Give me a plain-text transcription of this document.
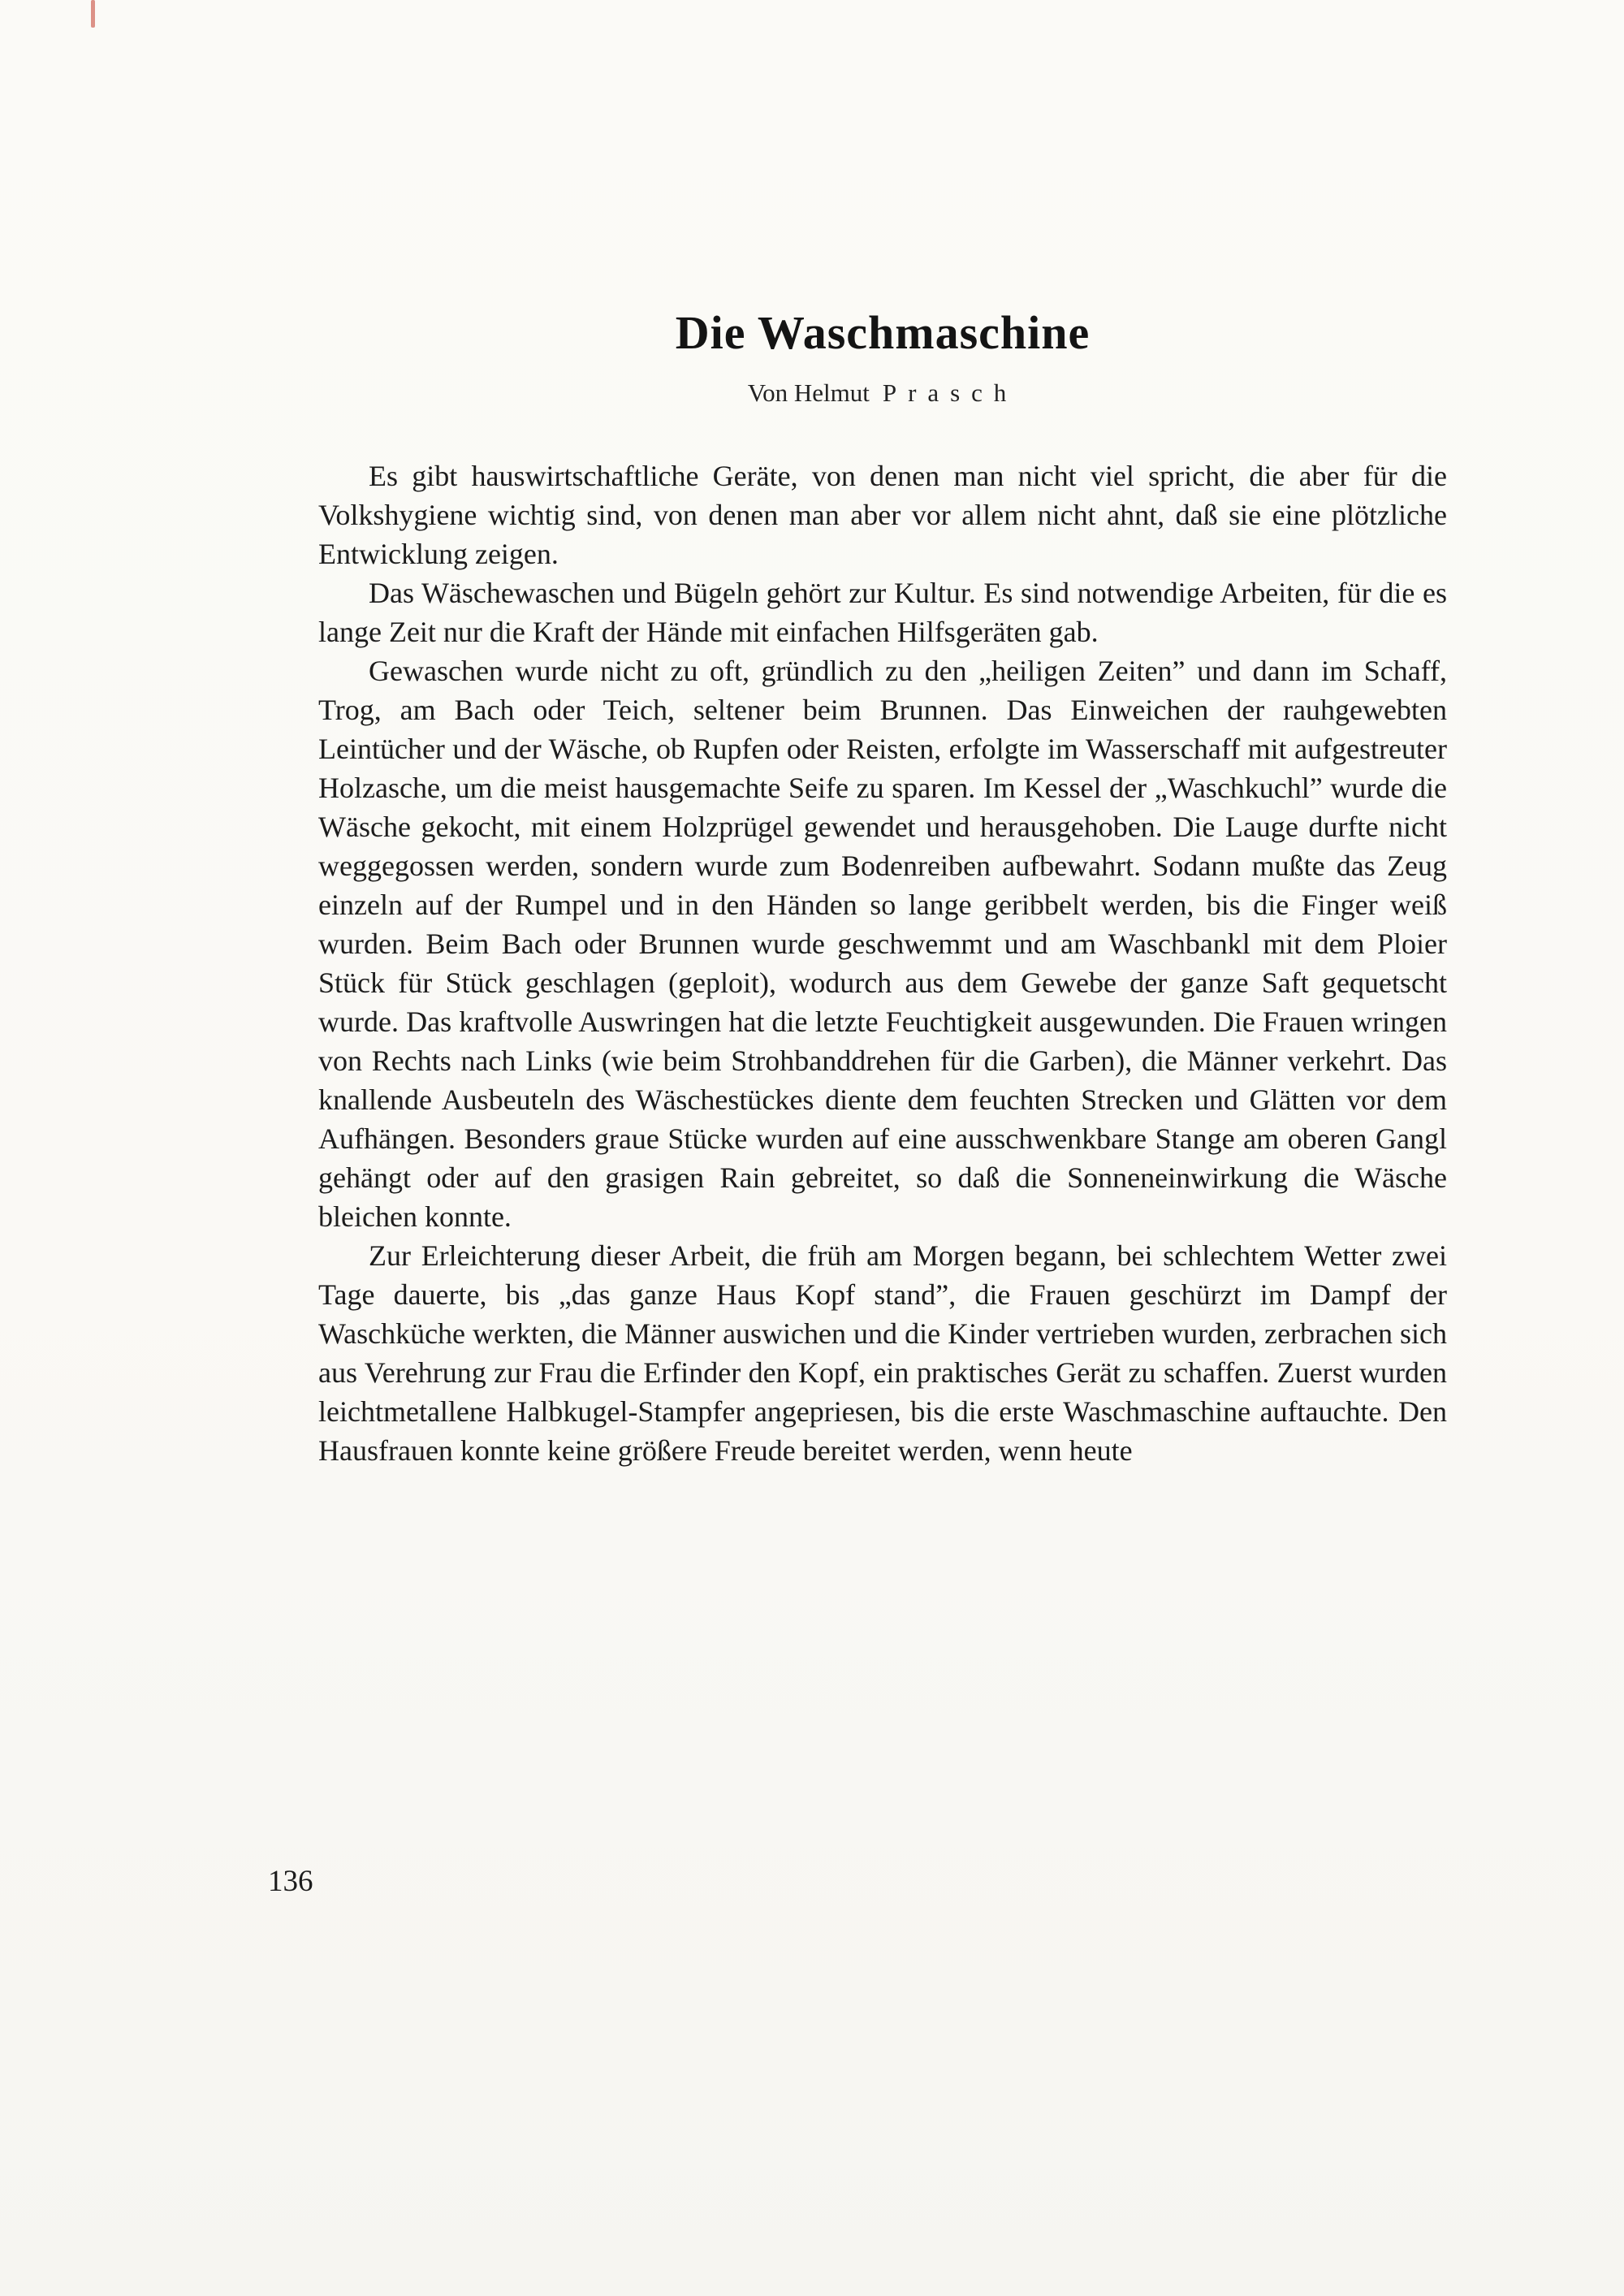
Die Waschmaschine
Von Helmut Prasch

Es gibt hauswirtschaftliche Geräte, von denen man nicht viel spricht, die aber für die Volkshygiene wichtig sind, von denen man aber vor allem nicht ahnt, daß sie eine plötzliche Entwicklung zeigen.

Das Wäschewaschen und Bügeln gehört zur Kultur. Es sind notwendige Arbeiten, für die es lange Zeit nur die Kraft der Hände mit einfachen Hilfsgeräten gab.

Gewaschen wurde nicht zu oft, gründlich zu den „heiligen Zeiten” und dann im Schaff, Trog, am Bach oder Teich, seltener beim Brunnen. Das Einweichen der rauhgewebten Leintücher und der Wäsche, ob Rupfen oder Reisten, erfolgte im Wasserschaff mit aufgestreuter Holzasche, um die meist hausgemachte Seife zu sparen. Im Kessel der „Waschkuchl” wurde die Wäsche gekocht, mit einem Holzprügel gewendet und herausgehoben. Die Lauge durfte nicht weggegossen werden, sondern wurde zum Bodenreiben aufbewahrt. Sodann mußte das Zeug einzeln auf der Rumpel und in den Händen so lange geribbelt werden, bis die Finger weiß wurden. Beim Bach oder Brunnen wurde geschwemmt und am Waschbankl mit dem Ploier Stück für Stück geschlagen (geploit), wodurch aus dem Gewebe der ganze Saft gequetscht wurde. Das kraftvolle Auswringen hat die letzte Feuchtigkeit ausgewunden. Die Frauen wringen von Rechts nach Links (wie beim Strohbanddrehen für die Garben), die Männer verkehrt. Das knallende Ausbeuteln des Wäschestückes diente dem feuchten Strecken und Glätten vor dem Aufhängen. Besonders graue Stücke wurden auf eine ausschwenkbare Stange am oberen Gangl gehängt oder auf den grasigen Rain gebreitet, so daß die Sonneneinwirkung die Wäsche bleichen konnte.

Zur Erleichterung dieser Arbeit, die früh am Morgen begann, bei schlechtem Wetter zwei Tage dauerte, bis „das ganze Haus Kopf stand”, die Frauen geschürzt im Dampf der Waschküche werkten, die Männer auswichen und die Kinder vertrieben wurden, zerbrachen sich aus Verehrung zur Frau die Erfinder den Kopf, ein praktisches Gerät zu schaffen. Zuerst wurden leichtmetallene Halbkugel-Stampfer angepriesen, bis die erste Waschmaschine auftauchte. Den Hausfrauen konnte keine größere Freude bereitet werden, wenn heute

136
